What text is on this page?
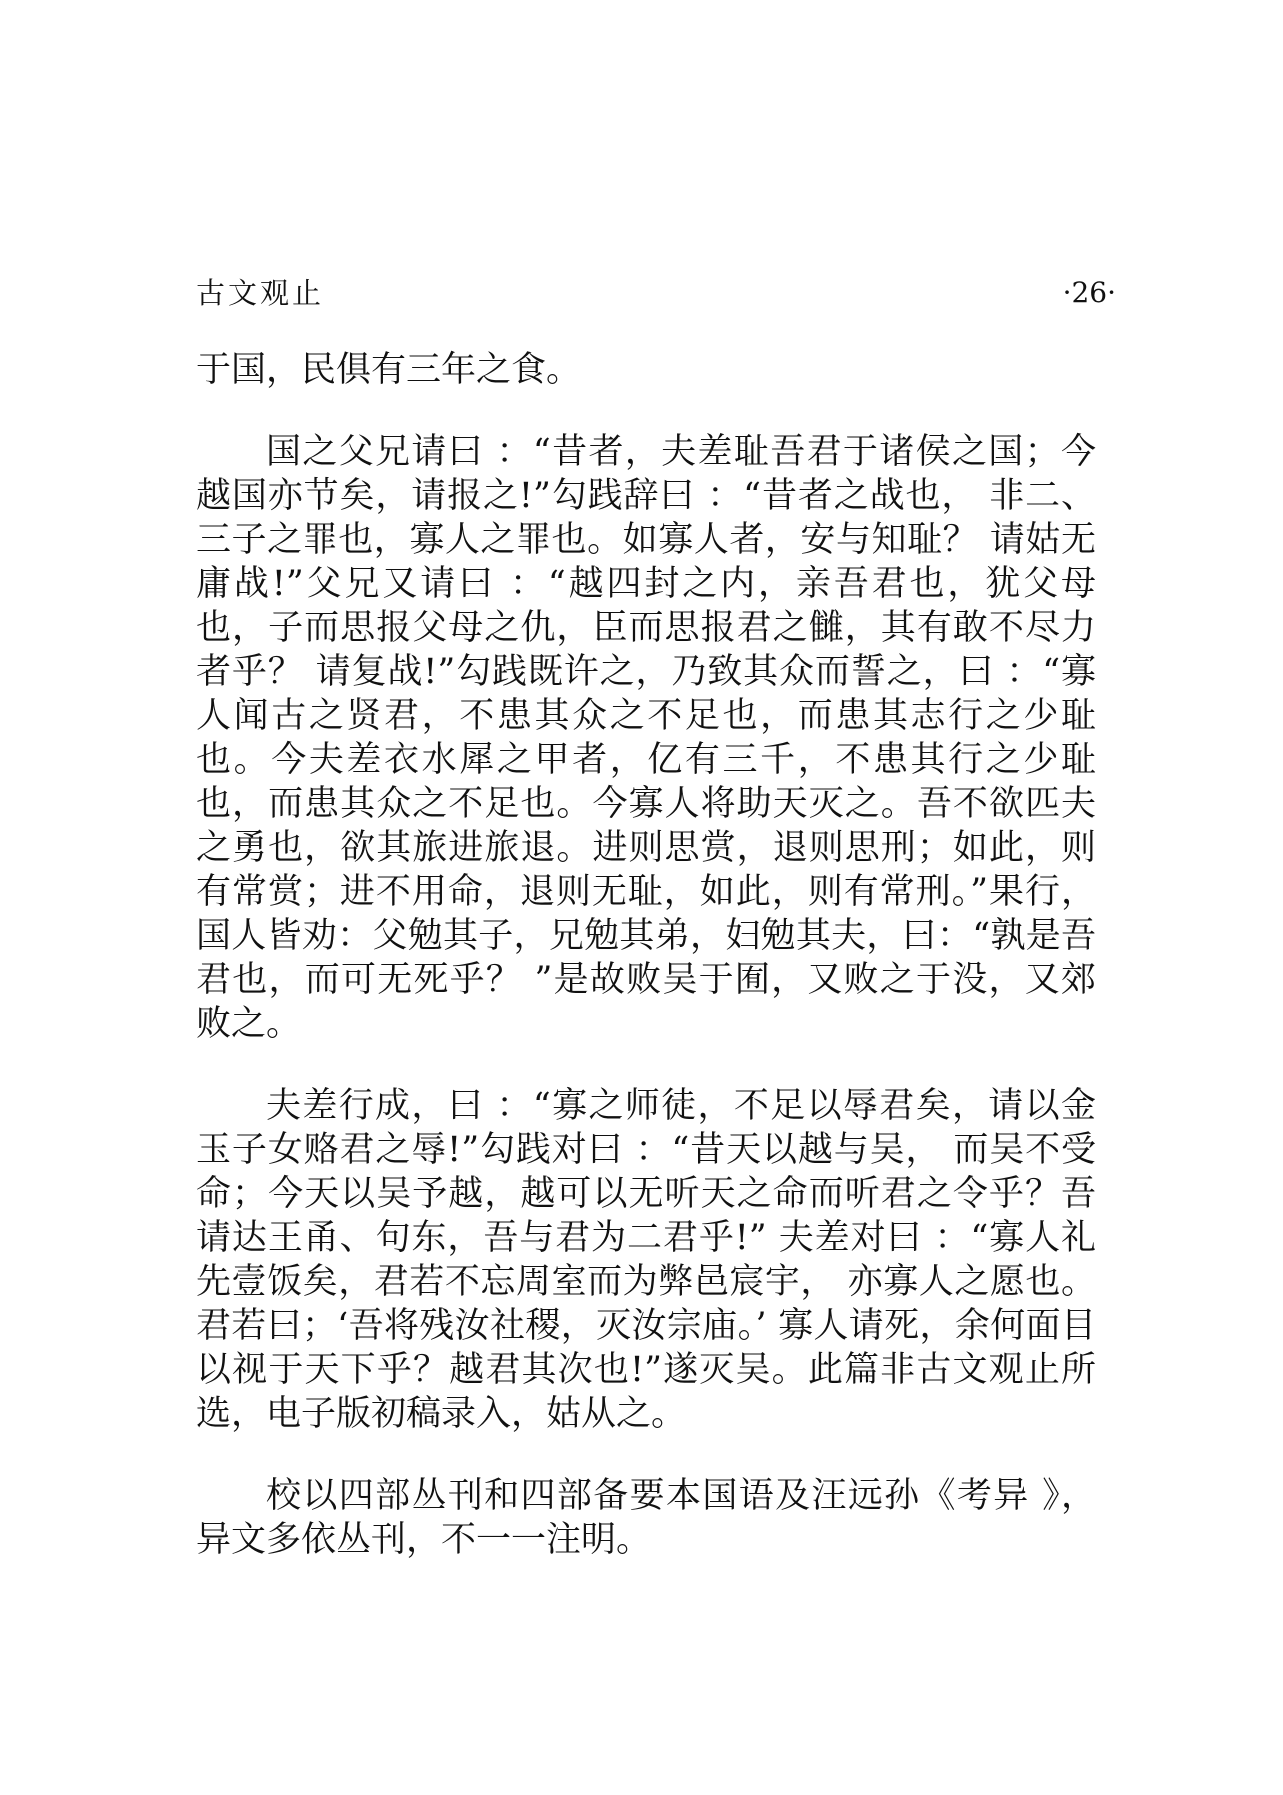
古文观止	·26·

于国，民俱有三年之食。

国之父兄请曰 ：“昔者，夫差耻吾君于诸侯之国；今越国亦节矣，请报之!”勾践辞曰 ：“昔者之战也， 非二、三子之罪也，寡人之罪也。如寡人者，安与知耻？ 请姑无庸战!”父兄又请曰 ：“越四封之内，亲吾君也，犹父母也，子而思报父母之仇，臣而思报君之雠，其有敢不尽力者乎？ 请复战!”勾践既许之，乃致其众而誓之，曰 ：“寡人闻古之贤君，不患其众之不足也，而患其志行之少耻也。今夫差衣水犀之甲者，亿有三千，不患其行之少耻也，而患其众之不足也。今寡人将助天灭之。吾不欲匹夫之勇也，欲其旅进旅退。进则思赏，退则思刑；如此，则有常赏；进不用命，退则无耻，如此，则有常刑。”果行，国人皆劝：父勉其子，兄勉其弟，妇勉其夫，曰：“孰是吾君也，而可无死乎？ ”是故败吴于囿，又败之于没，又郊败之。

夫差行成，曰 ：“寡之师徒，不足以辱君矣，请以金玉子女赂君之辱!”勾践对曰 ：“昔天以越与吴， 而吴不受命；今天以吴予越，越可以无听天之命而听君之令乎？吾请达王甬、句东，吾与君为二君乎!” 夫差对曰 ：“寡人礼先壹饭矣，君若不忘周室而为弊邑宸宇， 亦寡人之愿也。君若曰；‘吾将残汝社稷，灭汝宗庙。’ 寡人请死，余何面目以视于天下乎？越君其次也!”遂灭吴。此篇非古文观止所选，电子版初稿录入，姑从之。

校以四部丛刊和四部备要本国语及汪远孙《考异 》，异文多依丛刊，不一一注明。
